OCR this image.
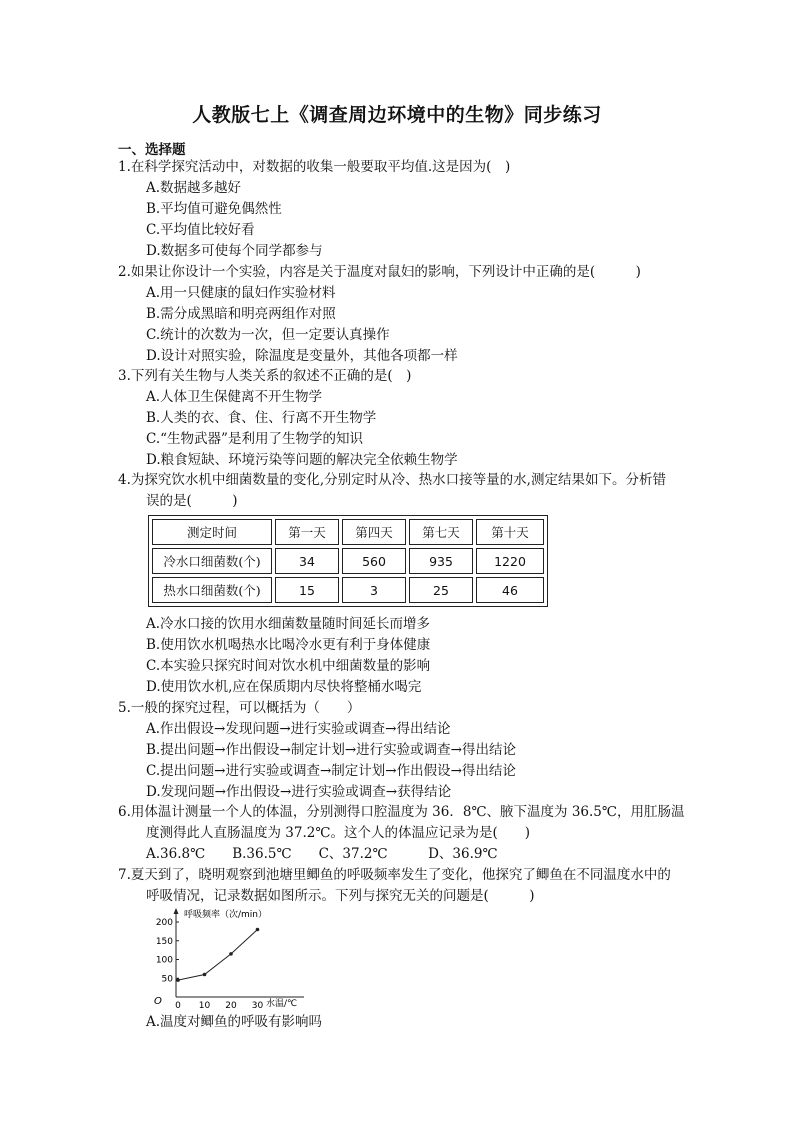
人教版七上《调查周边环境中的生物》同步练习
一、选择题
1.在科学探究活动中，对数据的收集一般要取平均值.这是因为(　)
A.数据越多越好
B.平均值可避免偶然性
C.平均值比较好看
D.数据多可使每个同学都参与
2.如果让你设计一个实验，内容是关于温度对鼠妇的影响，下列设计中正确的是(　　　)
A.用一只健康的鼠妇作实验材料
B.需分成黑暗和明亮两组作对照
C.统计的次数为一次，但一定要认真操作
D.设计对照实验，除温度是变量外，其他各项都一样
3.下列有关生物与人类关系的叙述不正确的是(　)
A.人体卫生保健离不开生物学
B.人类的衣、食、住、行离不开生物学
C.“生物武器”是利用了生物学的知识
D.粮食短缺、环境污染等问题的解决完全依赖生物学
4.为探究饮水机中细菌数量的变化,分别定时从冷、热水口接等量的水,测定结果如下。分析错
误的是(　　　)
测定时间	第一天	第四天	第七天	第十天
冷水口细菌数(个)	34	560	935	1220
热水口细菌数(个)	15	3	25	46
A.冷水口接的饮用水细菌数量随时间延长而增多
B.使用饮水机喝热水比喝冷水更有利于身体健康
C.本实验只探究时间对饮水机中细菌数量的影响
D.使用饮水机,应在保质期内尽快将整桶水喝完
5.一般的探究过程，可以概括为（　　）
A.作出假设→发现问题→进行实验或调查→得出结论
B.提出问题→作出假设→制定计划→进行实验或调查→得出结论
C.提出问题→进行实验或调查→制定计划→作出假设→得出结论
D.发现问题→作出假设→进行实验或调查→获得结论
6.用体温计测量一个人的体温，分别测得口腔温度为 36．8℃、腋下温度为 36.5℃，用肛肠温
度测得此人直肠温度为 37.2℃。这个人的体温应记录为是(　　)
A.36.8℃　　B.36.5℃　　C、37.2℃　　　D、36.9℃
7.夏天到了，晓明观察到池塘里鲫鱼的呼吸频率发生了变化，他探究了鲫鱼在不同温度水中的
呼吸情况，记录数据如图所示。下列与探究无关的问题是(　　　)
呼吸频率（次/min）
O	水温/℃
0 10 20 30
200
150
100
50
A.温度对鲫鱼的呼吸有影响吗
